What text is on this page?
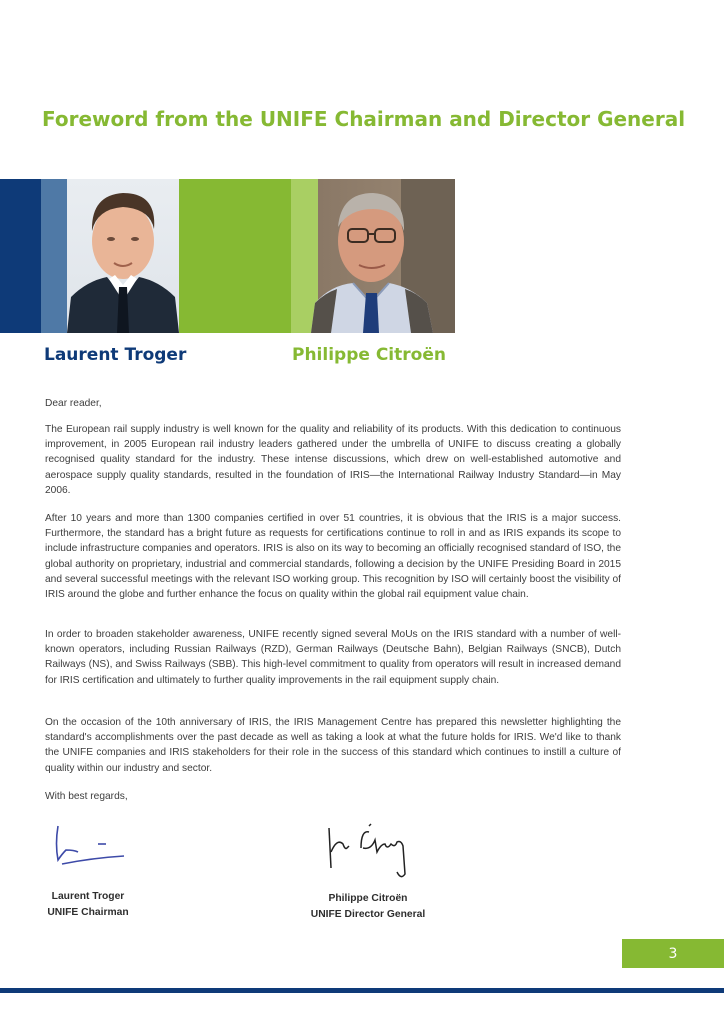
Foreword from the UNIFE Chairman and Director General
Laurent Troger	Philippe Citroën
Dear reader,
The European rail supply industry is well known for the quality and reliability of its products. With this dedication to continuous improvement, in 2005 European rail industry leaders gathered under the umbrella of UNIFE to discuss creating a globally recognised quality standard for the industry. These intense discussions, which drew on well-established automotive and aerospace supply quality standards, resulted in the foundation of IRIS—the International Railway Industry Standard—in May 2006.
After 10 years and more than 1300 companies certified in over 51 countries, it is obvious that the IRIS is a major success. Furthermore, the standard has a bright future as requests for certifications continue to roll in and as IRIS expands its scope to include infrastructure companies and operators. IRIS is also on its way to becoming an officially recognised standard of ISO, the global authority on proprietary, industrial and commercial standards, following a decision by the UNIFE Presiding Board in 2015 and several successful meetings with the relevant ISO working group. This recognition by ISO will certainly boost the visibility of IRIS around the globe and further enhance the focus on quality within the global rail equipment value chain.
In order to broaden stakeholder awareness, UNIFE recently signed several MoUs on the IRIS standard with a number of well-known operators, including Russian Railways (RZD), German Railways (Deutsche Bahn), Belgian Railways (SNCB), Dutch Railways (NS), and Swiss Railways (SBB). This high-level commitment to quality from operators will result in increased demand for IRIS certification and ultimately to further quality improvements in the rail equipment supply chain.
On the occasion of the 10th anniversary of IRIS, the IRIS Management Centre has prepared this newsletter highlighting the standard's accomplishments over the past decade as well as taking a look at what the future holds for IRIS. We'd like to thank the UNIFE companies and IRIS stakeholders for their role in the success of this standard which continues to instill a culture of quality within our industry and sector.
With best regards,
Laurent Troger
UNIFE Chairman
Philippe Citroën
UNIFE Director General
3
